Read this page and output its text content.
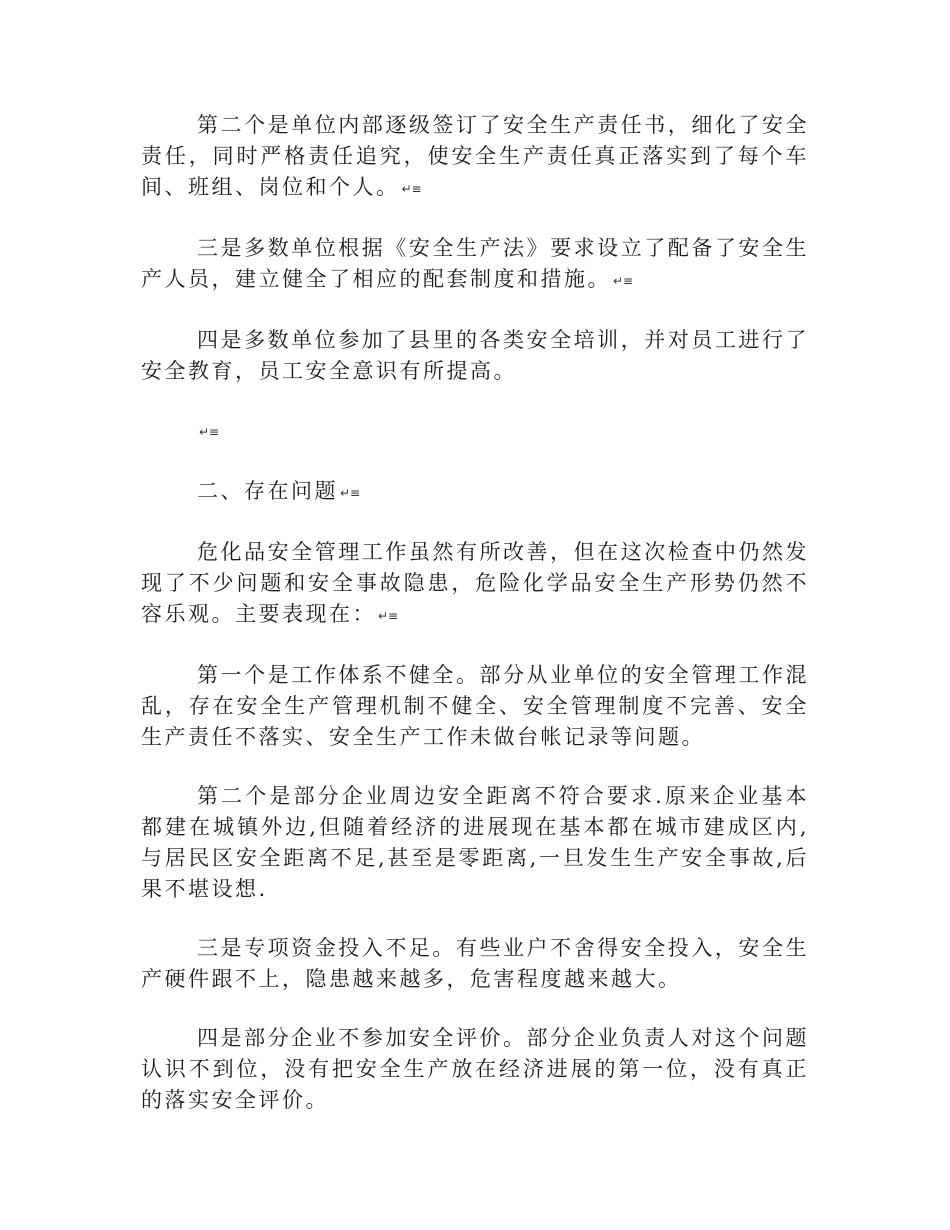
第二个是单位内部逐级签订了安全生产责任书，细化了安全责任，同时严格责任追究，使安全生产责任真正落实到了每个车间、班组、岗位和个人。 ↵≡

三是多数单位根据《安全生产法》要求设立了配备了安全生产人员，建立健全了相应的配套制度和措施。 ↵≡

四是多数单位参加了县里的各类安全培训，并对员工进行了安全教育，员工安全意识有所提高。

↵≡

二、存在问题 ↵≡

危化品安全管理工作虽然有所改善，但在这次检查中仍然发现了不少问题和安全事故隐患，危险化学品安全生产形势仍然不容乐观。主要表现在： ↵≡

第一个是工作体系不健全。部分从业单位的安全管理工作混乱，存在安全生产管理机制不健全、安全管理制度不完善、安全生产责任不落实、安全生产工作未做台帐记录等问题。

第二个是部分企业周边安全距离不符合要求.原来企业基本都建在城镇外边,但随着经济的进展现在基本都在城市建成区内,与居民区安全距离不足,甚至是零距离,一旦发生生产安全事故,后果不堪设想.

三是专项资金投入不足。有些业户不舍得安全投入，安全生产硬件跟不上，隐患越来越多，危害程度越来越大。

四是部分企业不参加安全评价。部分企业负责人对这个问题认识不到位，没有把安全生产放在经济进展的第一位，没有真正的落实安全评价。
